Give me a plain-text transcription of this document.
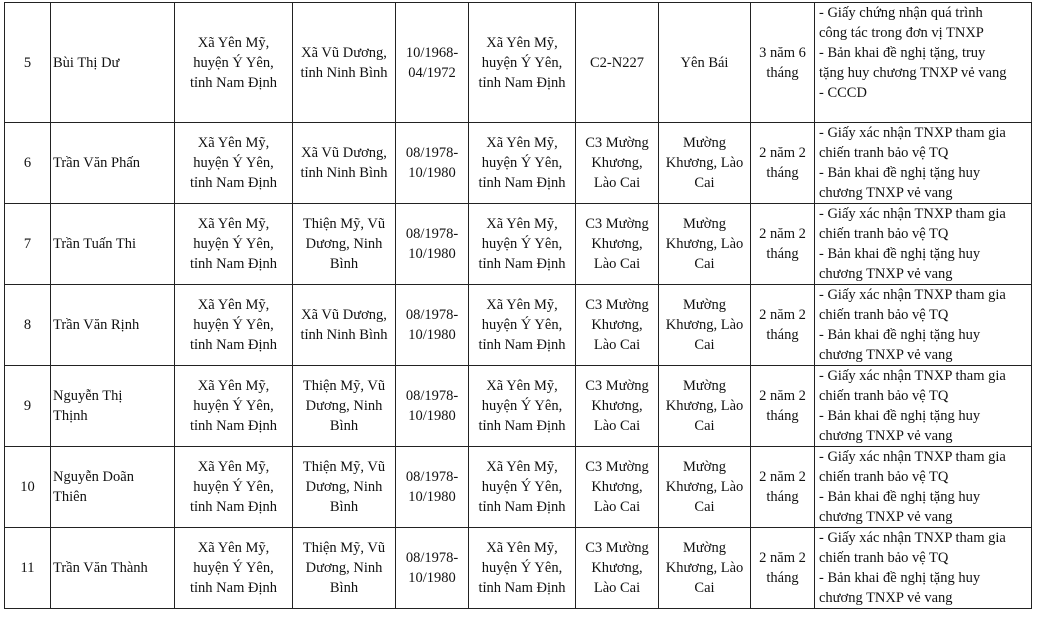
5	Bùi Thị Dư	Xã Yên Mỹ,
huyện Ý Yên,
tỉnh Nam Định	Xã Vũ Dương,
tỉnh Ninh Bình	10/1968-
04/1972	Xã Yên Mỹ,
huyện Ý Yên,
tỉnh Nam Định	C2-N227	Yên Bái	3 năm 6
tháng	- Giấy chứng nhận quá trình
công tác trong đơn vị TNXP
- Bản khai đề nghị tặng, truy
tặng huy chương TNXP vẻ vang
- CCCD

6	Trần Văn Phấn	Xã Yên Mỹ,
huyện Ý Yên,
tỉnh Nam Định	Xã Vũ Dương,
tỉnh Ninh Bình	08/1978-
10/1980	Xã Yên Mỹ,
huyện Ý Yên,
tỉnh Nam Định	C3 Mường
Khương,
Lào Cai	Mường
Khương, Lào
Cai	2 năm 2
tháng	- Giấy xác nhận TNXP tham gia
chiến tranh bảo vệ TQ
- Bản khai đề nghị tặng huy
chương TNXP vẻ vang

7	Trần Tuấn Thi	Xã Yên Mỹ,
huyện Ý Yên,
tỉnh Nam Định	Thiện Mỹ, Vũ
Dương, Ninh
Bình	08/1978-
10/1980	Xã Yên Mỹ,
huyện Ý Yên,
tỉnh Nam Định	C3 Mường
Khương,
Lào Cai	Mường
Khương, Lào
Cai	2 năm 2
tháng	- Giấy xác nhận TNXP tham gia
chiến tranh bảo vệ TQ
- Bản khai đề nghị tặng huy
chương TNXP vẻ vang

8	Trần Văn Rịnh	Xã Yên Mỹ,
huyện Ý Yên,
tỉnh Nam Định	Xã Vũ Dương,
tỉnh Ninh Bình	08/1978-
10/1980	Xã Yên Mỹ,
huyện Ý Yên,
tỉnh Nam Định	C3 Mường
Khương,
Lào Cai	Mường
Khương, Lào
Cai	2 năm 2
tháng	- Giấy xác nhận TNXP tham gia
chiến tranh bảo vệ TQ
- Bản khai đề nghị tặng huy
chương TNXP vẻ vang

9	Nguyễn Thị
Thịnh	Xã Yên Mỹ,
huyện Ý Yên,
tỉnh Nam Định	Thiện Mỹ, Vũ
Dương, Ninh
Bình	08/1978-
10/1980	Xã Yên Mỹ,
huyện Ý Yên,
tỉnh Nam Định	C3 Mường
Khương,
Lào Cai	Mường
Khương, Lào
Cai	2 năm 2
tháng	- Giấy xác nhận TNXP tham gia
chiến tranh bảo vệ TQ
- Bản khai đề nghị tặng huy
chương TNXP vẻ vang

10	Nguyễn Doãn
Thiên	Xã Yên Mỹ,
huyện Ý Yên,
tỉnh Nam Định	Thiện Mỹ, Vũ
Dương, Ninh
Bình	08/1978-
10/1980	Xã Yên Mỹ,
huyện Ý Yên,
tỉnh Nam Định	C3 Mường
Khương,
Lào Cai	Mường
Khương, Lào
Cai	2 năm 2
tháng	- Giấy xác nhận TNXP tham gia
chiến tranh bảo vệ TQ
- Bản khai đề nghị tặng huy
chương TNXP vẻ vang

11	Trần Văn Thành	Xã Yên Mỹ,
huyện Ý Yên,
tỉnh Nam Định	Thiện Mỹ, Vũ
Dương, Ninh
Bình	08/1978-
10/1980	Xã Yên Mỹ,
huyện Ý Yên,
tỉnh Nam Định	C3 Mường
Khương,
Lào Cai	Mường
Khương, Lào
Cai	2 năm 2
tháng	- Giấy xác nhận TNXP tham gia
chiến tranh bảo vệ TQ
- Bản khai đề nghị tặng huy
chương TNXP vẻ vang
